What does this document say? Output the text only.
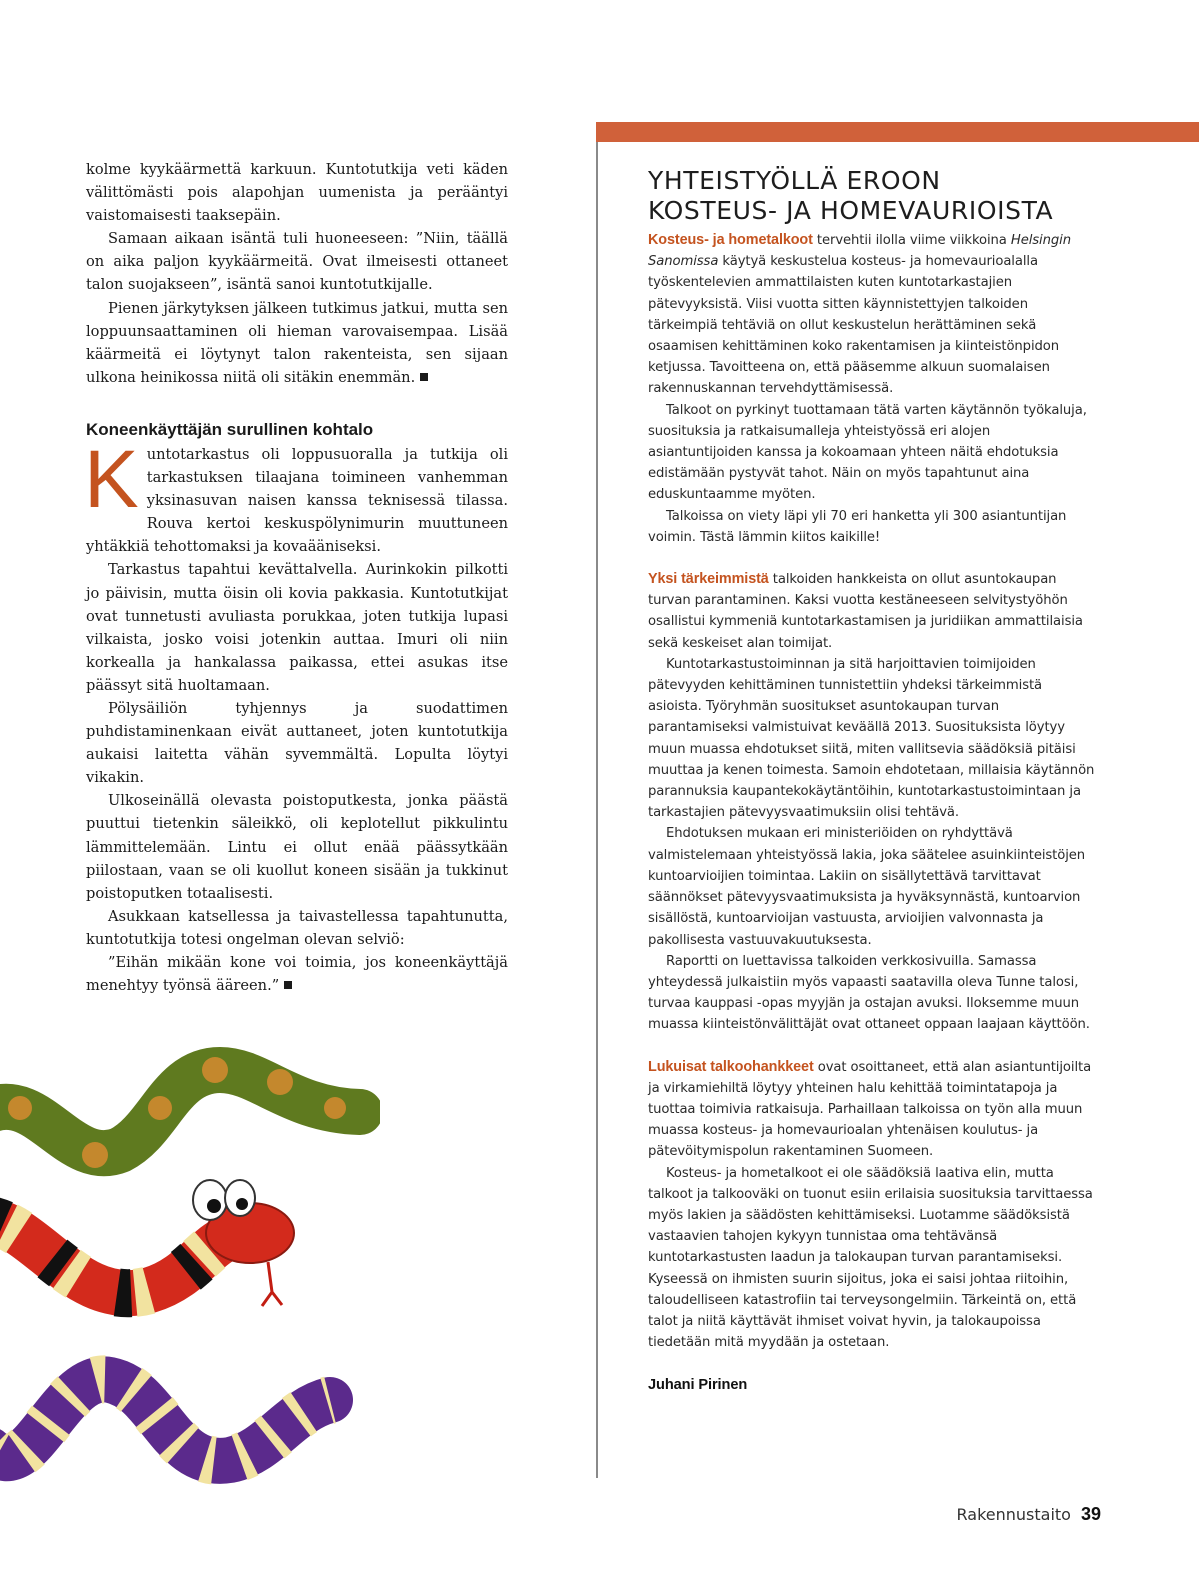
kolme kyykäärmettä karkuun. Kuntotutkija veti käden välittömästi pois alapohjan uumenista ja perääntyi vaistomaisesti taaksepäin.

Samaan aikaan isäntä tuli huoneeseen: ”Niin, täällä on aika paljon kyykäärmeitä. Ovat ilmeisesti ottaneet talon suojakseen”, isäntä sanoi kuntotutkijalle.

Pienen järkytyksen jälkeen tutkimus jatkui, mutta sen loppuunsaattaminen oli hieman varovaisempaa. Lisää käärmeitä ei löytynyt talon rakenteista, sen sijaan ulkona heinikossa niitä oli sitäkin enemmän.

Koneenkäyttäjän surullinen kohtalo

Kuntotarkastus oli loppusuoralla ja tutkija oli tarkastuksen tilaajana toimineen vanhemman yksinasuvan naisen kanssa teknisessä tilassa. Rouva kertoi keskuspölynimurin muuttuneen yhtäkkiä tehottomaksi ja kovaääniseksi.

Tarkastus tapahtui kevättalvella. Aurinkokin pilkotti jo päivisin, mutta öisin oli kovia pakkasia. Kuntotutkijat ovat tunnetusti avuliasta porukkaa, joten tutkija lupasi vilkaista, josko voisi jotenkin auttaa. Imuri oli niin korkealla ja hankalassa paikassa, ettei asukas itse päässyt sitä huoltamaan.

Pölysäiliön tyhjennys ja suodattimen puhdistaminenkaan eivät auttaneet, joten kuntotutkija aukaisi laitetta vähän syvemmältä. Lopulta löytyi vikakin.

Ulkoseinällä olevasta poistoputkesta, jonka päästä puuttui tietenkin säleikkö, oli keplotellut pikkulintu lämmittelemään. Lintu ei ollut enää päässytkään piilostaan, vaan se oli kuollut koneen sisään ja tukkinut poistoputken totaalisesti.

Asukkaan katsellessa ja taivastellessa tapahtunutta, kuntotutkija totesi ongelman olevan selviö:

”Eihän mikään kone voi toimia, jos koneenkäyttäjä menehtyy työnsä ääreen.”

YHTEISTYÖLLÄ EROON
KOSTEUS- JA HOMEVAURIOISTA

Kosteus- ja hometalkoot tervehtii ilolla viime viikkoina Helsingin Sanomissa käytyä keskustelua kosteus- ja homevaurioalalla työskentelevien ammattilaisten kuten kuntotarkastajien pätevyyksistä. Viisi vuotta sitten käynnistettyjen talkoiden tärkeimpiä tehtäviä on ollut keskustelun herättäminen sekä osaamisen kehittäminen koko rakentamisen ja kiinteistönpidon ketjussa. Tavoitteena on, että pääsemme alkuun suomalaisen rakennuskannan tervehdyttämisessä.

Talkoot on pyrkinyt tuottamaan tätä varten käytännön työkaluja, suosituksia ja ratkaisumalleja yhteistyössä eri alojen asiantuntijoiden kanssa ja kokoamaan yhteen näitä ehdotuksia edistämään pystyvät tahot. Näin on myös tapahtunut aina eduskuntaamme myöten.

Talkoissa on viety läpi yli 70 eri hanketta yli 300 asiantuntijan voimin. Tästä lämmin kiitos kaikille!

Yksi tärkeimmistä talkoiden hankkeista on ollut asuntokaupan turvan parantaminen. Kaksi vuotta kestäneeseen selvitystyöhön osallistui kymmeniä kuntotarkastamisen ja juridiikan ammattilaisia sekä keskeiset alan toimijat.

Kuntotarkastustoiminnan ja sitä harjoittavien toimijoiden pätevyyden kehittäminen tunnistettiin yhdeksi tärkeimmistä asioista. Työryhmän suositukset asuntokaupan turvan parantamiseksi valmistuivat keväällä 2013. Suosituksista löytyy muun muassa ehdotukset siitä, miten vallitsevia säädöksiä pitäisi muuttaa ja kenen toimesta. Samoin ehdotetaan, millaisia käytännön parannuksia kaupantekokäytäntöihin, kuntotarkastustoimintaan ja tarkastajien pätevyysvaatimuksiin olisi tehtävä.

Ehdotuksen mukaan eri ministeriöiden on ryhdyttävä valmistelemaan yhteistyössä lakia, joka säätelee asuinkiinteistöjen kuntoarvioijien toimintaa. Lakiin on sisällytettävä tarvittavat säännökset pätevyysvaatimuksista ja hyväksynnästä, kuntoarvion sisällöstä, kuntoarvioijan vastuusta, arvioijien valvonnasta ja pakollisesta vastuuvakuutuksesta.

Raportti on luettavissa talkoiden verkkosivuilla. Samassa yhteydessä julkaistiin myös vapaasti saatavilla oleva Tunne talosi, turvaa kauppasi -opas myyjän ja ostajan avuksi. Iloksemme muun muassa kiinteistönvälittäjät ovat ottaneet oppaan laajaan käyttöön.

Lukuisat talkoohankkeet ovat osoittaneet, että alan asiantuntijoilta ja virkamiehiltä löytyy yhteinen halu kehittää toimintatapoja ja tuottaa toimivia ratkaisuja. Parhaillaan talkoissa on työn alla muun muassa kosteus- ja homevaurioalan yhtenäisen koulutus- ja pätevöitymispolun rakentaminen Suomeen.

Kosteus- ja hometalkoot ei ole säädöksiä laativa elin, mutta talkoot ja talkooväki on tuonut esiin erilaisia suosituksia tarvittaessa myös lakien ja säädösten kehittämiseksi. Luotamme säädöksistä vastaavien tahojen kykyyn tunnistaa oma tehtävänsä kuntotarkastusten laadun ja talokaupan turvan parantamiseksi. Kyseessä on ihmisten suurin sijoitus, joka ei saisi johtaa riitoihin, taloudelliseen katastrofiin tai terveysongelmiin. Tärkeintä on, että talot ja niitä käyttävät ihmiset voivat hyvin, ja talokaupoissa tiedetään mitä myydään ja ostetaan.

Juhani Pirinen

Rakennustaito 39
